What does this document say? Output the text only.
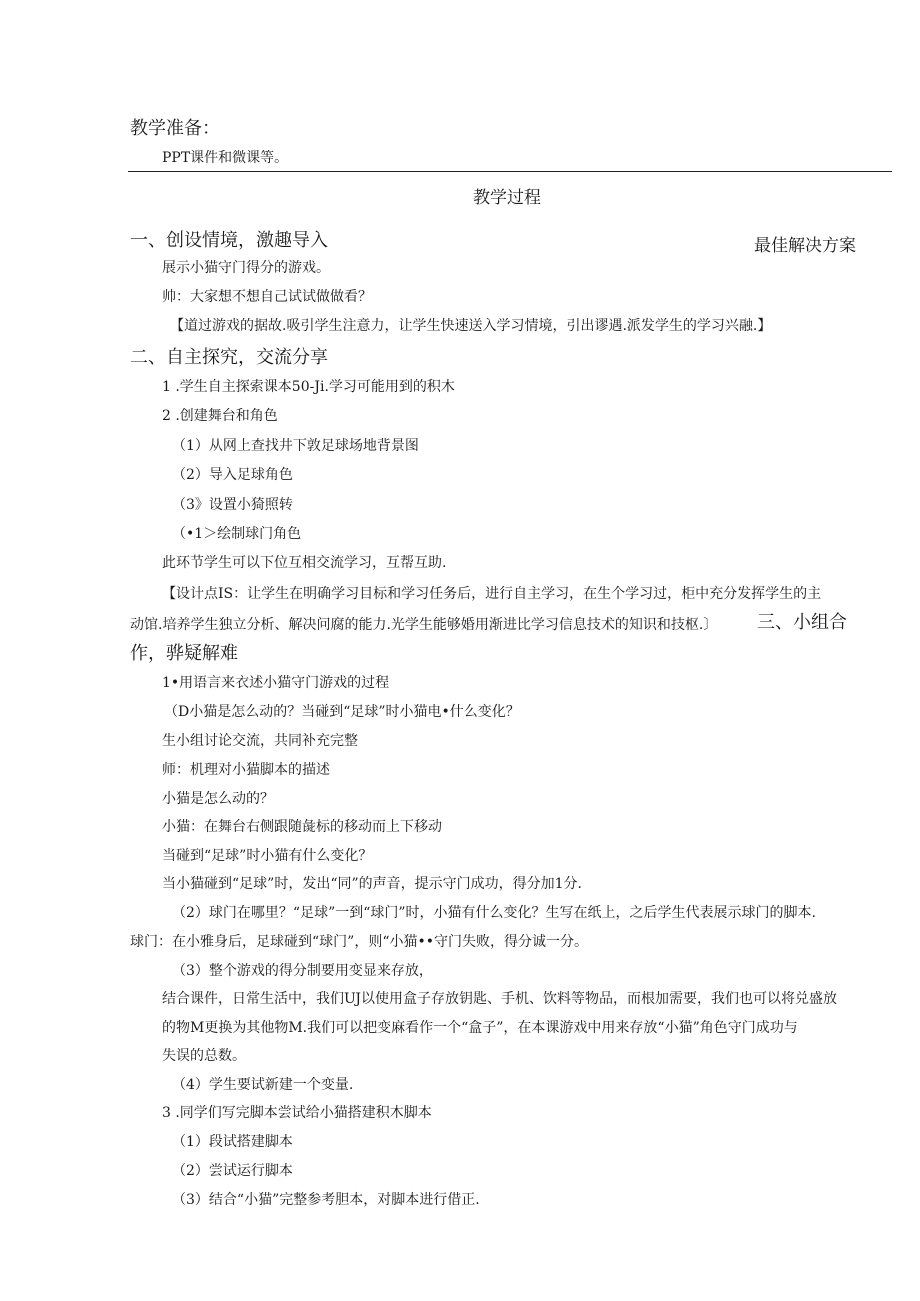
教学准备：
PPT课件和微课等。
教学过程
一、创设情境，激趣导入	最佳解决方案
展示小猫守门得分的游戏。
帅：大家想不想自己试试做做看？
【道过游戏的据故.吸引学生注意力，让学生快速送入学习情境，引出谬遇.派发学生的学习兴融.】
二、自主探究，交流分享
1 .学生自主探索课本50-Ji.学习可能用到的积木
2 .创建舞台和角色
（1）从网上查找井下敦足球场地背景图
（2）导入足球角色
（3》设置小猗照转
（•1＞绘制球门角色
此环节学生可以下位互相交流学习，互帮互助.
【设计点IS：让学生在明确学习目标和学习任务后，进行自主学习，在生个学习过，柜中充分发挥学生的主
动馆.培养学生独立分析、解决问腐的能力.光学生能够婚用渐进比学习信息技术的知识和技枢.〕 三、小组合
作，骅疑解难
1•用语言来衣述小猫守门游戏的过程
（D小猫是怎么动的？当碰到“足球”时小猫电•什么变化？
生小组讨论交流，共同补充完整
师：机理对小猫脚本的描述
小猫是怎么动的？
小猫：在舞台右侧跟随彘标的移动而上下移动
当碰到“足球”时小猫有什么变化？
当小猫碰到“足球”时，发出“同”的声音，提示守门成功，得分加1分.
（2）球门在哪里？“足球”一到“球门”时，小猫有什么变化？生写在纸上，之后学生代表展示球门的脚本.
球门：在小雅身后，足球碰到“球门”，则“小猫••守门失败，得分诚一分。
（3）整个游戏的得分制要用变显来存放，
结合课件，日常生活中，我们UJ以使用盒子存放钥匙、手机、饮料等物品，而根加需要，我们也可以将兑盛放
的物M更换为其他物M.我们可以把变麻看作一个“盒子”，在本课游戏中用来存放“小猫”角色守门成功与
失误的总数。
（4）学生要试新建一个变量.
3 .同学们写完脚本尝试给小猫搭建积木脚本
（1）段试搭建脚本
（2）尝试运行脚本
（3）结合“小猫”完整参考胆本，对脚本进行借正.
